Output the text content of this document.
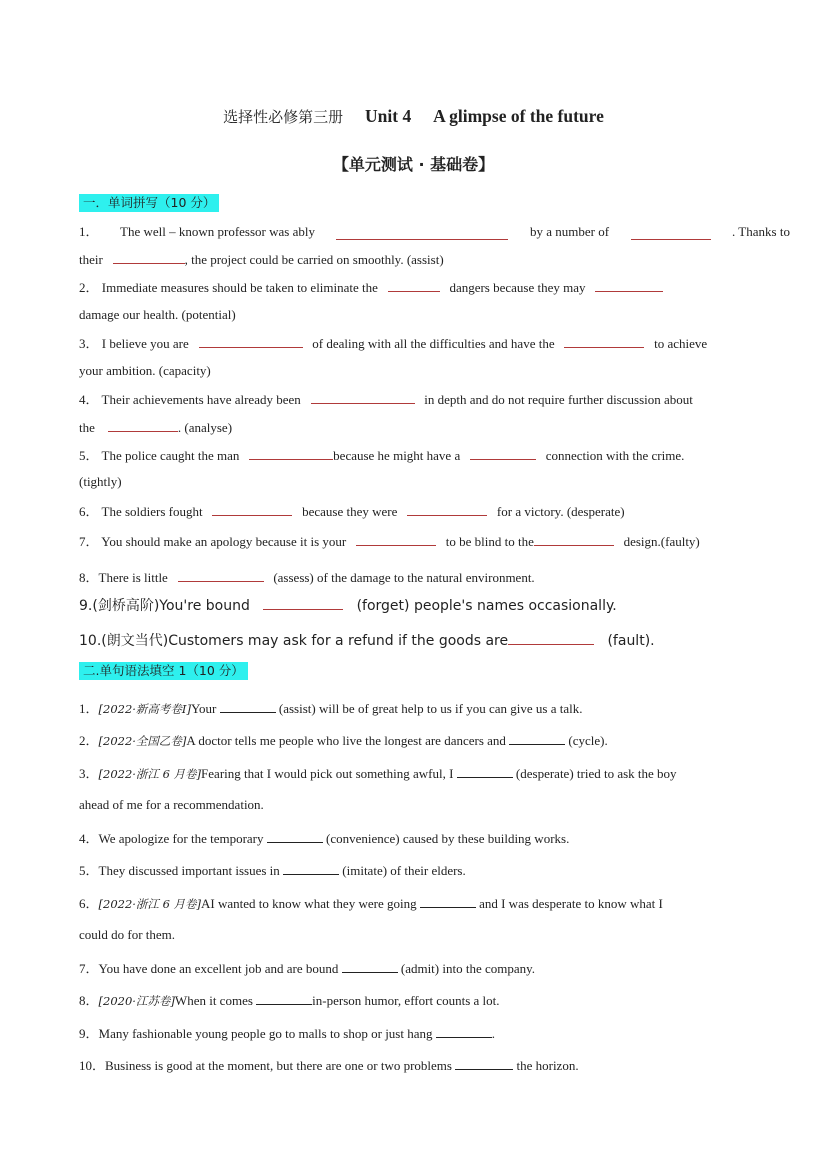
选择性必修第三册 Unit 4 A glimpse of the future
【单元测试 · 基础卷】
一．单词拼写（10 分）
1． The well – known professor was ably	by a number of	. Thanks to
their	, the project could be carried on smoothly. (assist)
2． Immediate measures should be taken to eliminate the	dangers because they may
damage our health. (potential)
3． I believe you are	of dealing with all the difficulties and have the	to achieve
your ambition. (capacity)
4． Their achievements have already been	in depth and do not require further discussion about
the	. (analyse)
5． The police caught the man	because he might have a	connection with the crime.
(tightly)
6． The soldiers fought	because they were	for a victory. (desperate)
7． You should make an apology because it is your	to be blind to the	design.(faulty)
8．There is little	(assess) of the damage to the natural environment.
9.(剑桥高阶)You're bound	(forget) people's names occasionally.
10.(朗文当代)Customers may ask for a refund if the goods are	(fault).
二.单句语法填空 1（10 分）
1．[2022·新高考卷Ⅰ]Your	(assist) will be of great help to us if you can give us a talk.
2．[2022·全国乙卷]A doctor tells me people who live the longest are dancers and	(cycle).
3．[2022·浙江 6 月卷]Fearing that I would pick out something awful, I	(desperate) tried to ask the boy
ahead of me for a recommendation.
4．We apologize for the temporary	(convenience) caused by these building works.
5．They discussed important issues in	(imitate) of their elders.
6．[2022·浙江 6 月卷]AI wanted to know what they were going	and I was desperate to know what I
could do for them.
7．You have done an excellent job and are bound	(admit) into the company.
8．[2020·江苏卷]When it comes	in-person humor, effort counts a lot.
9．Many fashionable young people go to malls to shop or just hang	.
10．Business is good at the moment, but there are one or two problems	the horizon.
